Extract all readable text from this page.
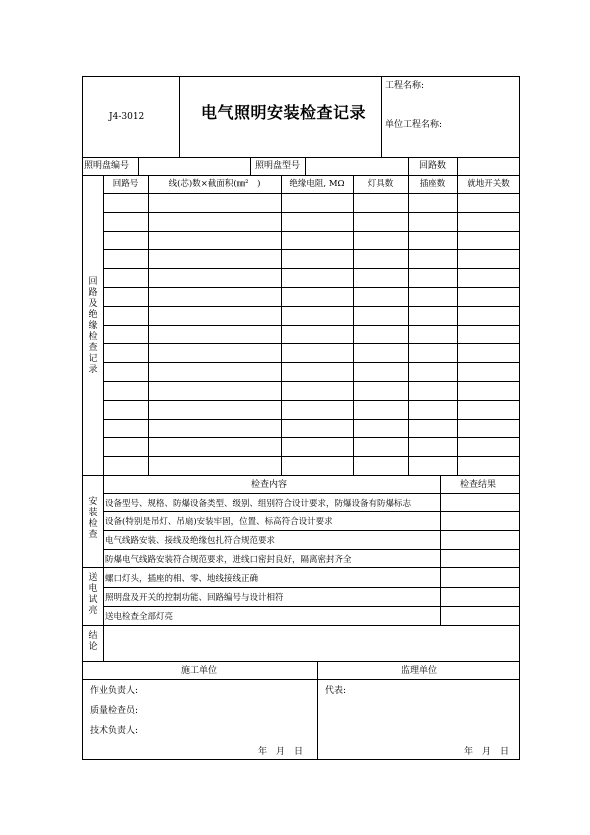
J4-3012	电气照明安装检查记录
工程名称:
单位工程名称:
照明盘编号	照明盘型号	回路数
回路及绝缘检查记录
回路号	线(芯)数×截面积(㎜²　)	绝缘电阻, MΩ	灯具数	插座数	就地开关数
安装检查
检查内容	检查结果
设备型号、规格、防爆设备类型、级别、组别符合设计要求，防爆设备有防爆标志
设备(特别是吊灯、吊扇)安装牢固，位置、标高符合设计要求
电气线路安装、接线及绝缘包扎符合规范要求
防爆电气线路安装符合规范要求，进线口密封良好，隔离密封齐全
送电试亮
螺口灯头，插座的相、零、地线接线正确
照明盘及开关的控制功能、回路编号与设计相符
送电检查全部灯亮
结论
施工单位	监理单位
作业负责人:
质量检查员:
技术负责人:
代表:
年　月　日	年　月　日
